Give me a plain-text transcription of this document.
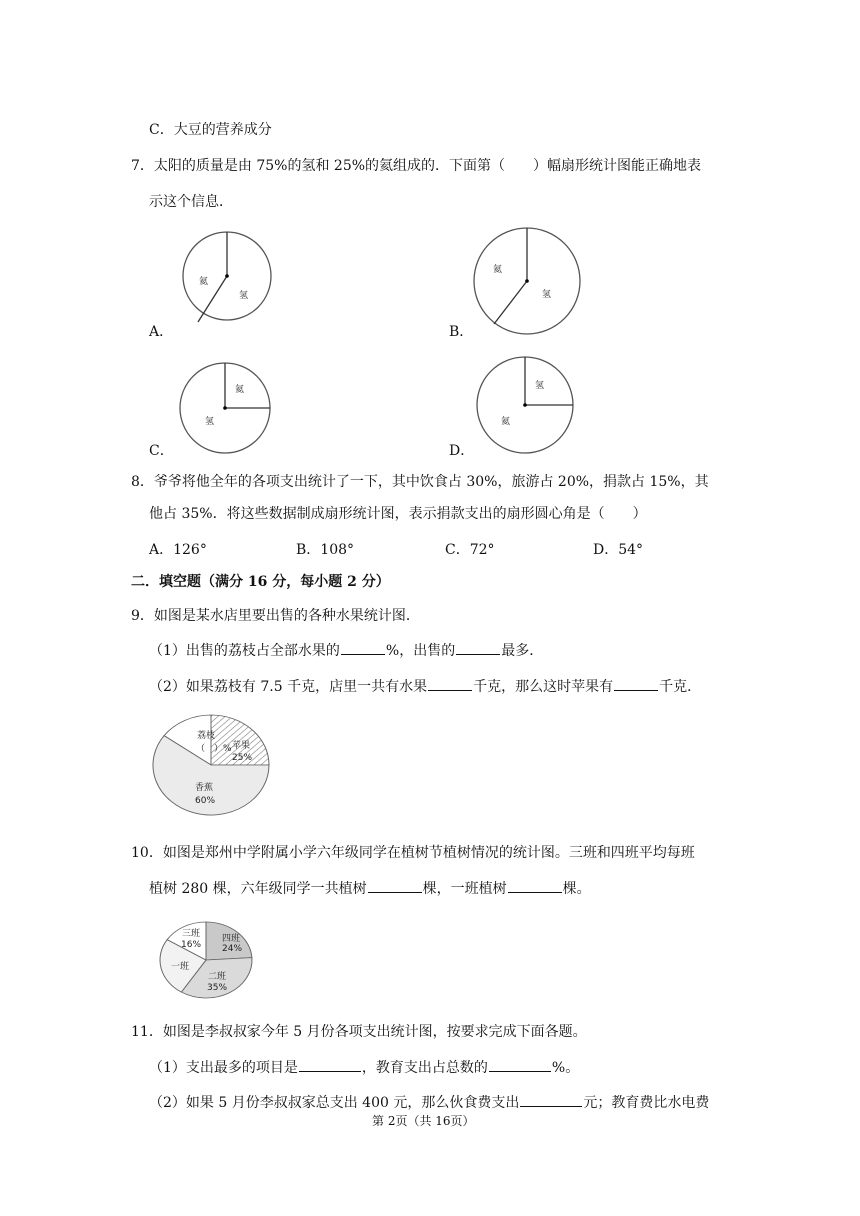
C．大豆的营养成分
7．太阳的质量是由 75%的氢和 25%的氦组成的．下面第（　　）幅扇形统计图能正确地表
示这个信息．
氦
氢
氦
氢
氦
氢
氢
氦
A．	B．
C．	D．
8．爷爷将他全年的各项支出统计了一下，其中饮食占 30%，旅游占 20%，捐款占 15%，其
他占 35%．将这些数据制成扇形统计图，表示捐款支出的扇形圆心角是（　　）
A．126°	B．108°	C．72°	D．54°
二．填空题（满分 16 分，每小题 2 分）
9．如图是某水店里要出售的各种水果统计图．
（1）出售的荔枝占全部水果的	%，出售的	最多．
（2）如果荔枝有 7.5 千克，店里一共有水果	千克，那么这时苹果有	千克．
荔枝
（　）% 苹果
25%
香蕉
60%
10．如图是郑州中学附属小学六年级同学在植树节植树情况的统计图。三班和四班平均每班
植树 280 棵，六年级同学一共植树	棵，一班植树	棵。
四班
24%
二班
35%
一班
三班
16%
11．如图是李叔叔家今年 5 月份各项支出统计图，按要求完成下面各题。
（1）支出最多的项目是	，教育支出占总数的	%。
（2）如果 5 月份李叔叔家总支出 400 元，那么伙食费支出	元；教育费比水电费
第 2页（共 16页）
